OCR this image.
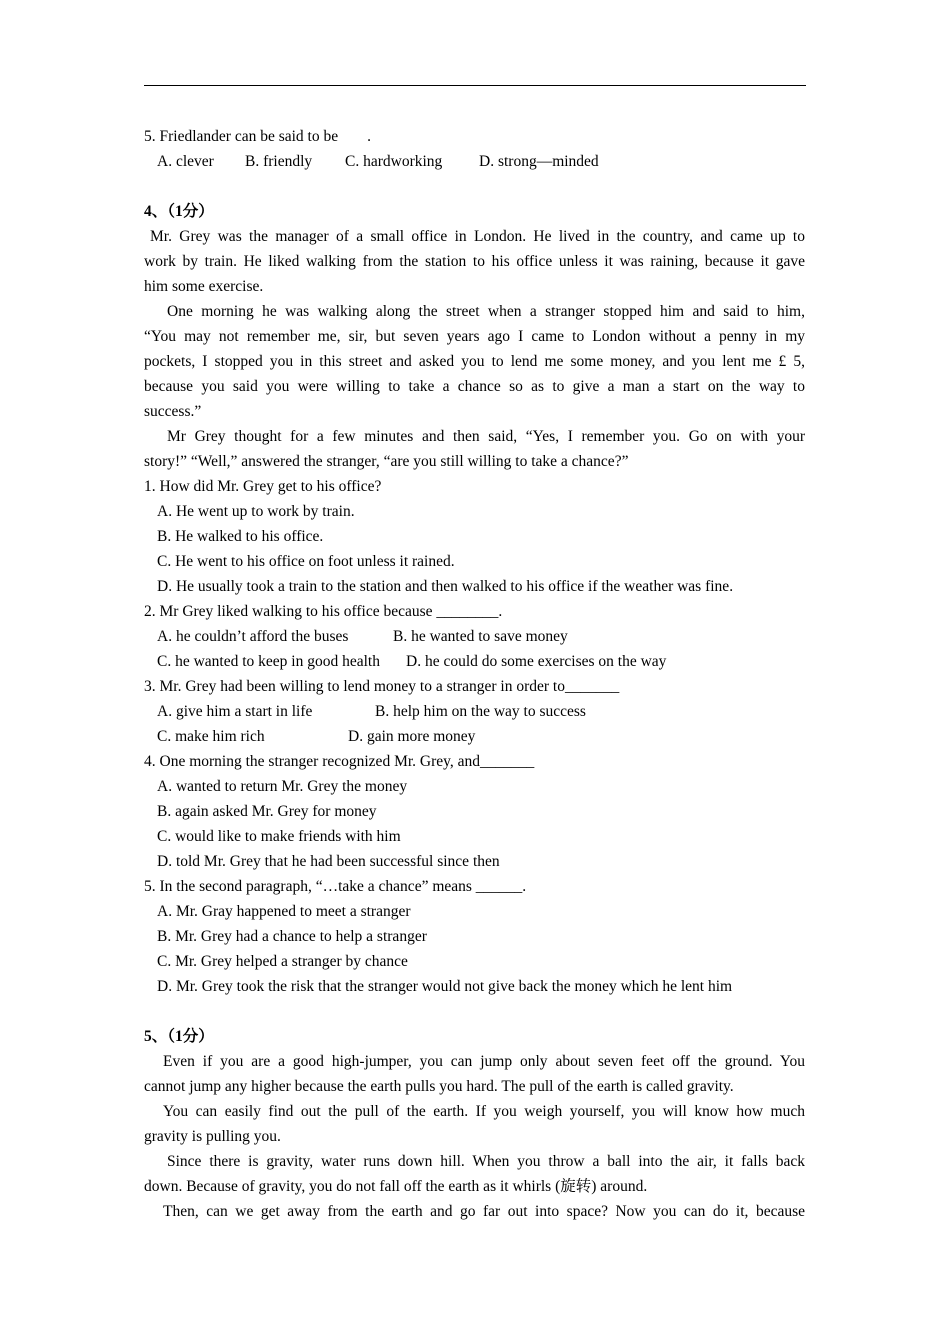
5. Friedlander can be said to be .
A. clever B. friendly C. hardworking D. strong—minded
4、（1分）
Mr. Grey was the manager of a small office in London. He lived in the country, and came up to
work by train. He liked walking from the station to his office unless it was raining, because it gave
him some exercise.
One morning he was walking along the street when a stranger stopped him and said to him,
“You may not remember me, sir, but seven years ago I came to London without a penny in my
pockets, I stopped you in this street and asked you to lend me some money, and you lent me £ 5,
because you said you were willing to take a chance so as to give a man a start on the way to
success.”
Mr Grey thought for a few minutes and then said, “Yes, I remember you. Go on with your
story!” “Well,” answered the stranger, “are you still willing to take a chance?”
1. How did Mr. Grey get to his office?
A. He went up to work by train.
B. He walked to his office.
C. He went to his office on foot unless it rained.
D. He usually took a train to the station and then walked to his office if the weather was fine.
2. Mr Grey liked walking to his office because ________.
A. he couldn’t afford the buses	B. he wanted to save money
C. he wanted to keep in good health D. he could do some exercises on the way
3. Mr. Grey had been willing to lend money to a stranger in order to_______
A. give him a start in life	B. help him on the way to success
C. make him rich	D. gain more money
4. One morning the stranger recognized Mr. Grey, and_______
A. wanted to return Mr. Grey the money
B. again asked Mr. Grey for money
C. would like to make friends with him
D. told Mr. Grey that he had been successful since then
5. In the second paragraph, “…take a chance” means ______.
A. Mr. Gray happened to meet a stranger
B. Mr. Grey had a chance to help a stranger
C. Mr. Grey helped a stranger by chance
D. Mr. Grey took the risk that the stranger would not give back the money which he lent him
5、（1分）
Even if you are a good high-jumper, you can jump only about seven feet off the ground. You
cannot jump any higher because the earth pulls you hard. The pull of the earth is called gravity.
You can easily find out the pull of the earth. If you weigh yourself, you will know how much
gravity is pulling you.
Since there is gravity, water runs down hill. When you throw a ball into the air, it falls back
down. Because of gravity, you do not fall off the earth as it whirls (旋转) around.
Then, can we get away from the earth and go far out into space? Now you can do it, because
